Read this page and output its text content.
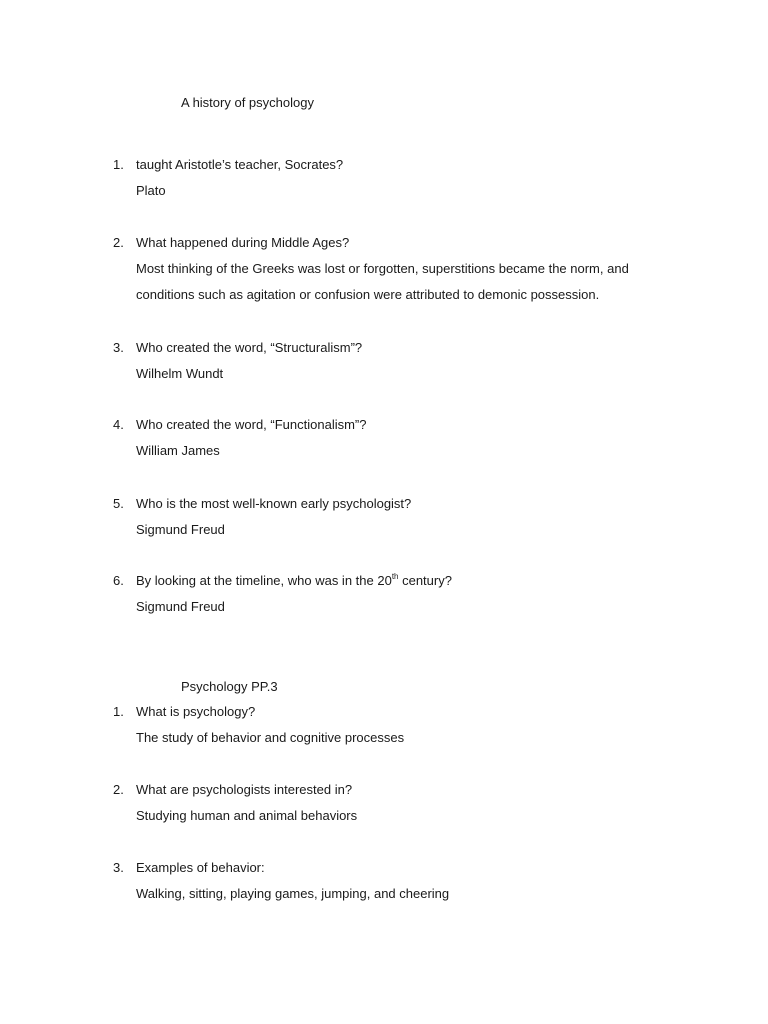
A history of psychology
1. taught Aristotle’s teacher, Socrates?
Plato
2. What happened during Middle Ages?
Most thinking of the Greeks was lost or forgotten, superstitions became the norm, and
conditions such as agitation or confusion were attributed to demonic possession.
3. Who created the word, “Structuralism”?
Wilhelm Wundt
4. Who created the word, “Functionalism”?
William James
5. Who is the most well-known early psychologist?
Sigmund Freud
6. By looking at the timeline, who was in the 20th century?
Sigmund Freud
Psychology PP.3
1. What is psychology?
The study of behavior and cognitive processes
2. What are psychologists interested in?
Studying human and animal behaviors
3. Examples of behavior:
Walking, sitting, playing games, jumping, and cheering
